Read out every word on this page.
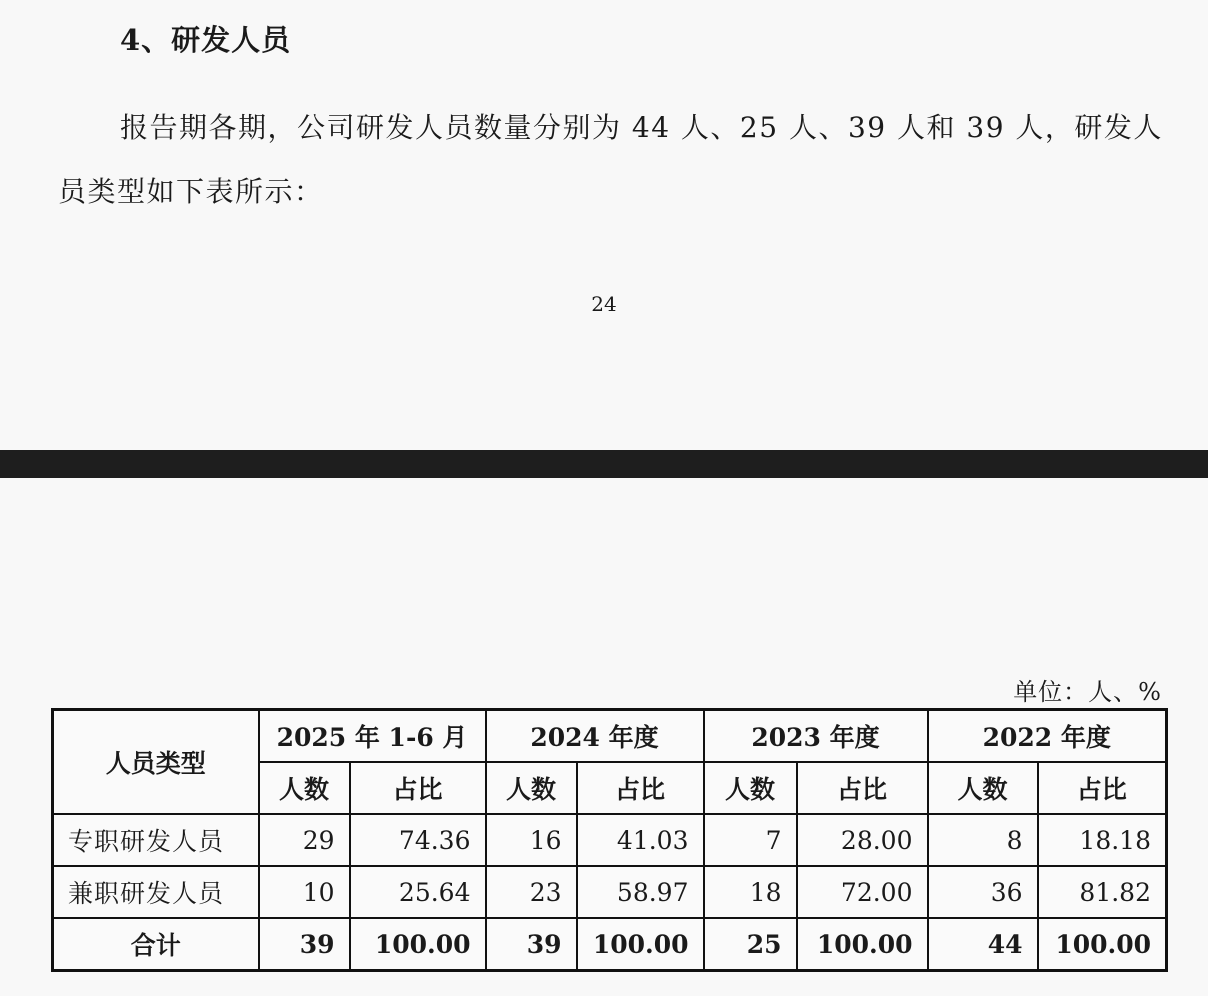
4、研发人员
报告期各期，公司研发人员数量分别为 44 人、25 人、39 人和 39 人，研发人员类型如下表所示：
24
单位：人、%
人员类型	2025 年 1-6 月		2024 年度		2023 年度		2022 年度	
	人数	占比	人数	占比	人数	占比	人数	占比
专职研发人员	29	74.36	16	41.03	7	28.00	8	18.18
兼职研发人员	10	25.64	23	58.97	18	72.00	36	81.82
合计	39	100.00	39	100.00	25	100.00	44	100.00
